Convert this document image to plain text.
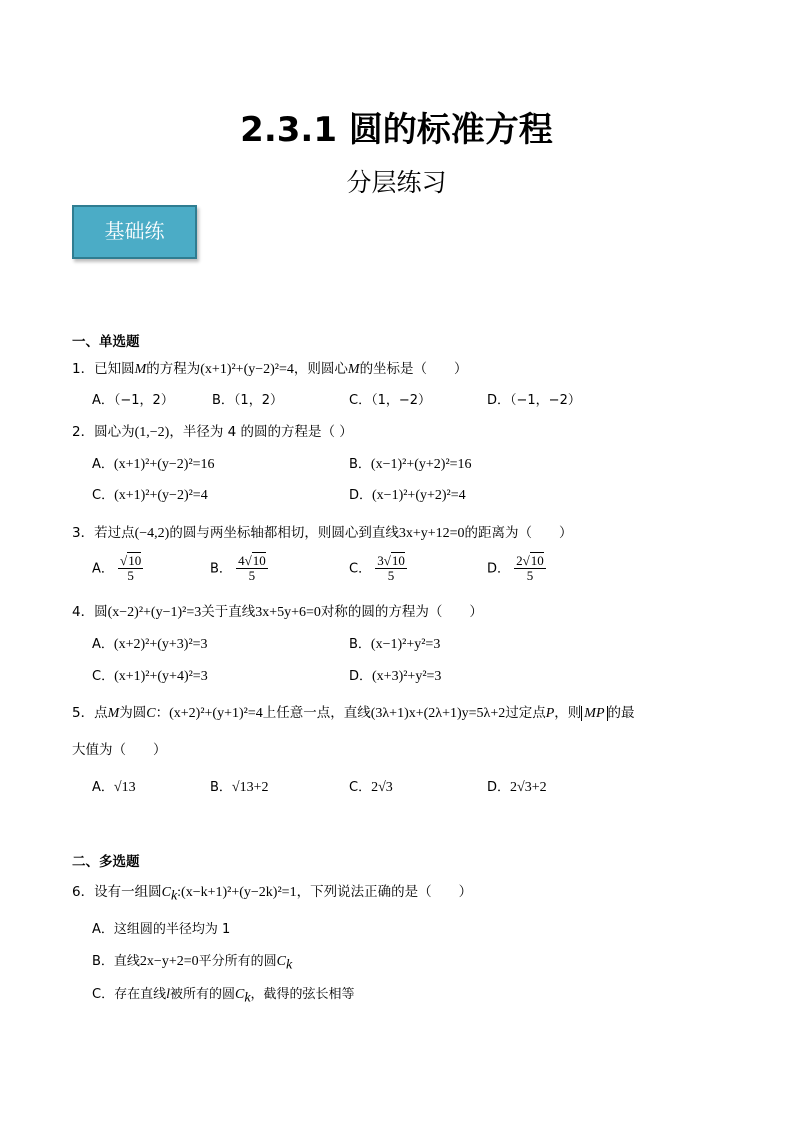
2.3.1 圆的标准方程
分层练习
基础练
一、单选题
1．已知圆M的方程为(x+1)²+(y−2)²=4，则圆心M的坐标是（　　）
A．（−1，2）	B．（1，2）	C．（1，−2）	D．（−1，−2）
2．圆心为(1,−2)，半径为 4 的圆的方程是（ ）
A．(x+1)²+(y−2)²=16	B．(x−1)²+(y+2)²=16
C．(x+1)²+(y−2)²=4	D．(x−1)²+(y+2)²=4
3．若过点(−4,2)的圆与两坐标轴都相切，则圆心到直线3x+y+12=0的距离为（　　）
A． $\frac{√10}{5}$	B． $\frac{4√10}{5}$	C． $\frac{3√10}{5}$	D． $\frac{2√10}{5}$
4．圆(x−2)²+(y−1)²=3关于直线3x+5y+6=0对称的圆的方程为（　　）
A．(x+2)²+(y+3)²=3	B．(x−1)²+y²=3
C．(x+1)²+(y+4)²=3	D．(x+3)²+y²=3
5．点M为圆C：(x+2)²+(y+1)²=4上任意一点，直线(3λ+1)x+(2λ+1)y=5λ+2过定点P，则 MP 的最
大值为（　　）
A．√13	B．√13+2	C．2√3	D．2√3+2
二、多选题
6．设有一组圆$C_k:(x-k+1)^2+(y-2k)^2=1$，下列说法正确的是（　　）
A．这组圆的半径均为 1
B．直线2x−y+2=0平分所有的圆$C_k$
C．存在直线l被所有的圆$C_k$，截得的弦长相等
